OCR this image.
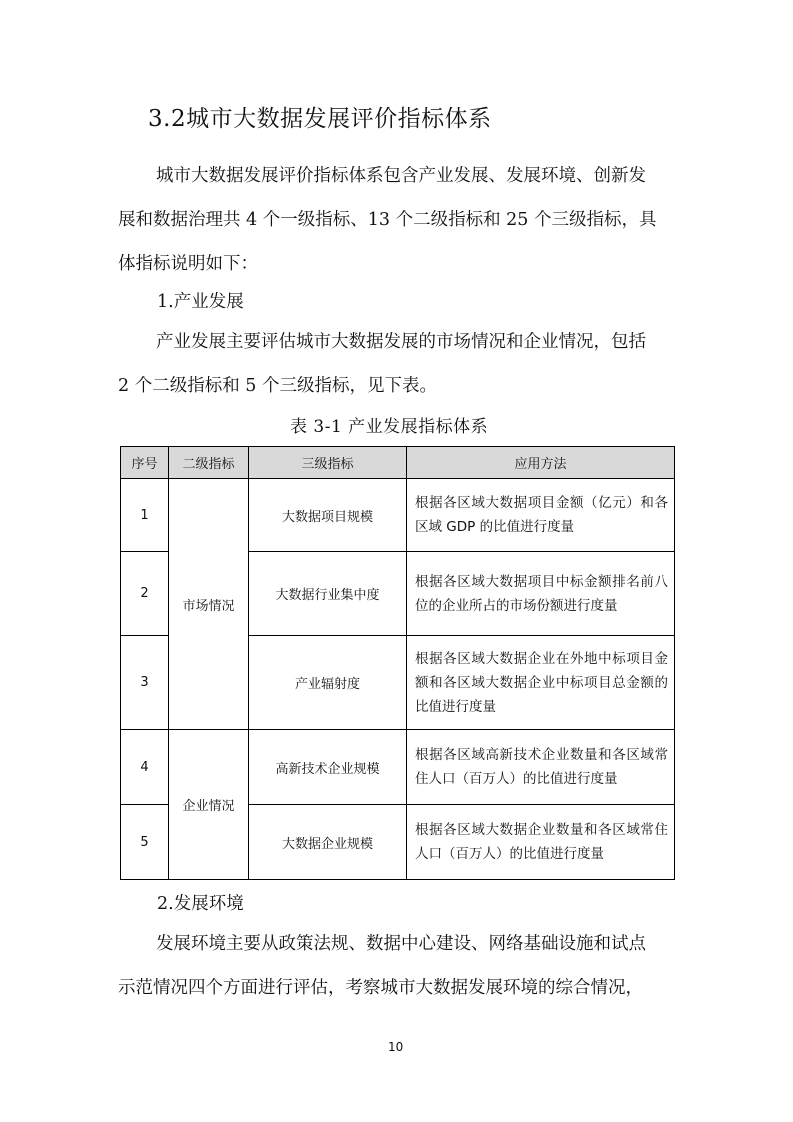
3.2城市大数据发展评价指标体系
城市大数据发展评价指标体系包含产业发展、发展环境、创新发
展和数据治理共 4 个一级指标、13 个二级指标和 25 个三级指标，具
体指标说明如下：
1.产业发展
产业发展主要评估城市大数据发展的市场情况和企业情况，包括
2 个二级指标和 5 个三级指标，见下表。
表 3-1 产业发展指标体系
序号	二级指标	三级指标	应用方法
1	市场情况	大数据项目规模	根据各区域大数据项目金额（亿元）和各区域 GDP 的比值进行度量
2		大数据行业集中度	根据各区域大数据项目中标金额排名前八位的企业所占的市场份额进行度量
3		产业辐射度	根据各区域大数据企业在外地中标项目金额和各区域大数据企业中标项目总金额的比值进行度量
4	企业情况	高新技术企业规模	根据各区域高新技术企业数量和各区域常住人口（百万人）的比值进行度量
5		大数据企业规模	根据各区域大数据企业数量和各区域常住人口（百万人）的比值进行度量
2.发展环境
发展环境主要从政策法规、数据中心建设、网络基础设施和试点
示范情况四个方面进行评估，考察城市大数据发展环境的综合情况，
10
